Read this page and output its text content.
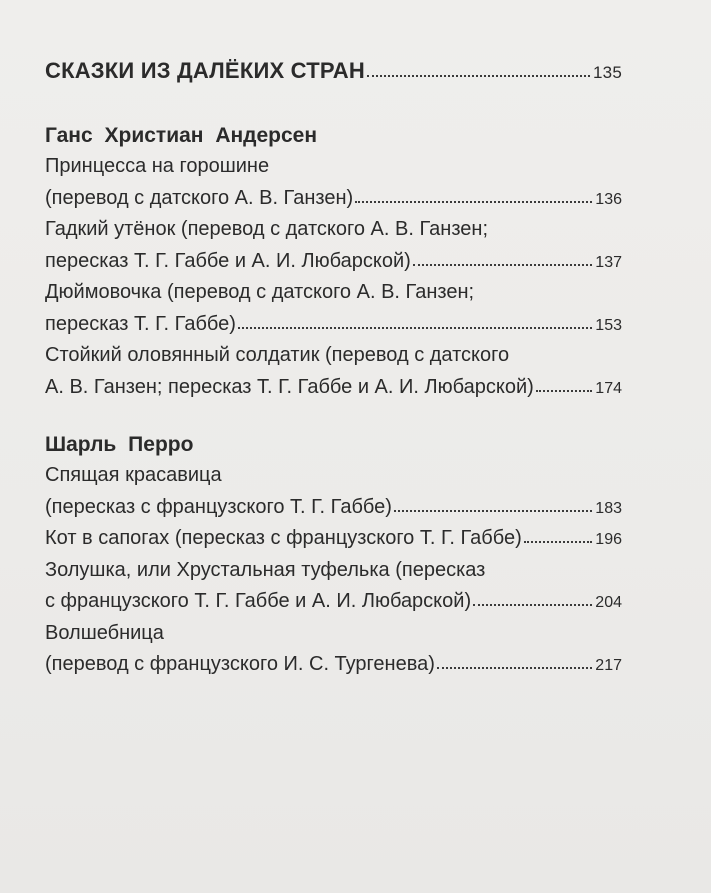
СКАЗКИ ИЗ ДАЛЁКИХ СТРАН	135
Ганс Христиан Андерсен
Принцесса на горошине
(перевод с датского А. В. Ганзен)	136
Гадкий утёнок (перевод с датского А. В. Ганзен;
пересказ Т. Г. Габбе и А. И. Любарской)	137
Дюймовочка (перевод с датского А. В. Ганзен;
пересказ Т. Г. Габбе)	153
Стойкий оловянный солдатик (перевод с датского
А. В. Ганзен; пересказ Т. Г. Габбе и А. И. Любарской)	174
Шарль Перро
Спящая красавица
(пересказ с французского Т. Г. Габбе)	183
Кот в сапогах (пересказ с французского Т. Г. Габбе)	196
Золушка, или Хрустальная туфелька (пересказ
с французского Т. Г. Габбе и А. И. Любарской)	204
Волшебница
(перевод с французского И. С. Тургенева)	217
